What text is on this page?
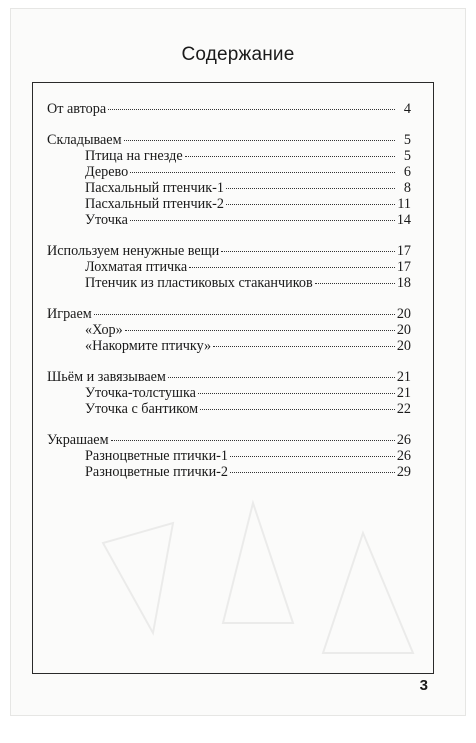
Содержание
От автора	4
Складываем	5
Птица на гнезде	5
Дерево	6
Пасхальный птенчик-1	8
Пасхальный птенчик-2	11
Уточка	14
Используем ненужные вещи	17
Лохматая птичка	17
Птенчик из пластиковых стаканчиков	18
Играем	20
«Хор»	20
«Накормите птичку»	20
Шьём и завязываем	21
Уточка-толстушка	21
Уточка с бантиком	22
Украшаем	26
Разноцветные птички-1	26
Разноцветные птички-2	29
3
